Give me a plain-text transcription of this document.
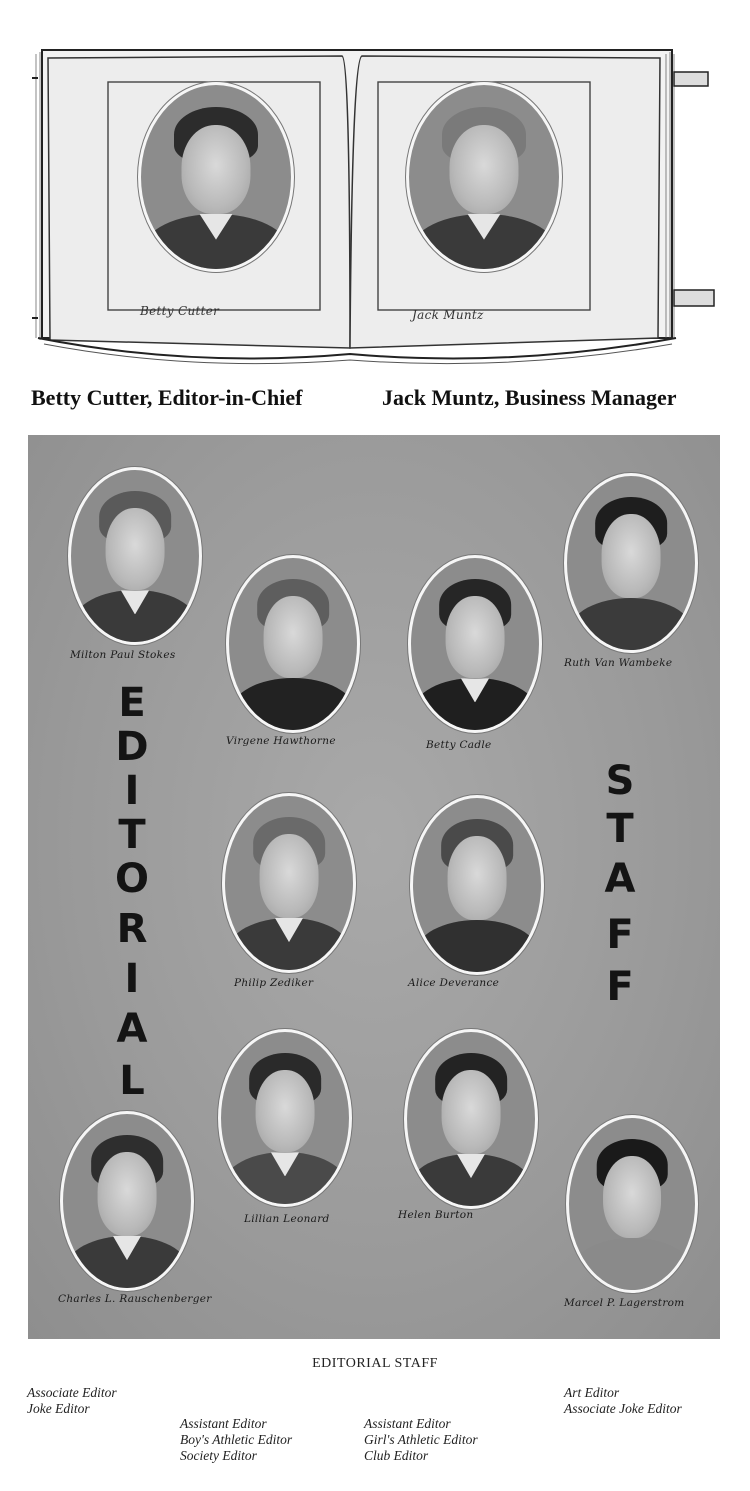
Betty Cutter	Jack Muntz
Betty Cutter, Editor-in-Chief	Jack Muntz, Business Manager
Milton Paul Stokes
Virgene Hawthorne	Betty Cadle
Ruth Van Wambeke
Philip Zediker	Alice Deverance
Lillian Leonard	Helen Burton
Charles L. Rauschenberger	Marcel P. Lagerstrom
E
D
I
T
O
R
I
A
L
S
T
A
F
F
EDITORIAL STAFF
Associate Editor
Joke Editor
Assistant Editor
Boy's Athletic Editor
Society Editor
Assistant Editor
Girl's Athletic Editor
Club Editor
Art Editor
Associate Joke Editor
